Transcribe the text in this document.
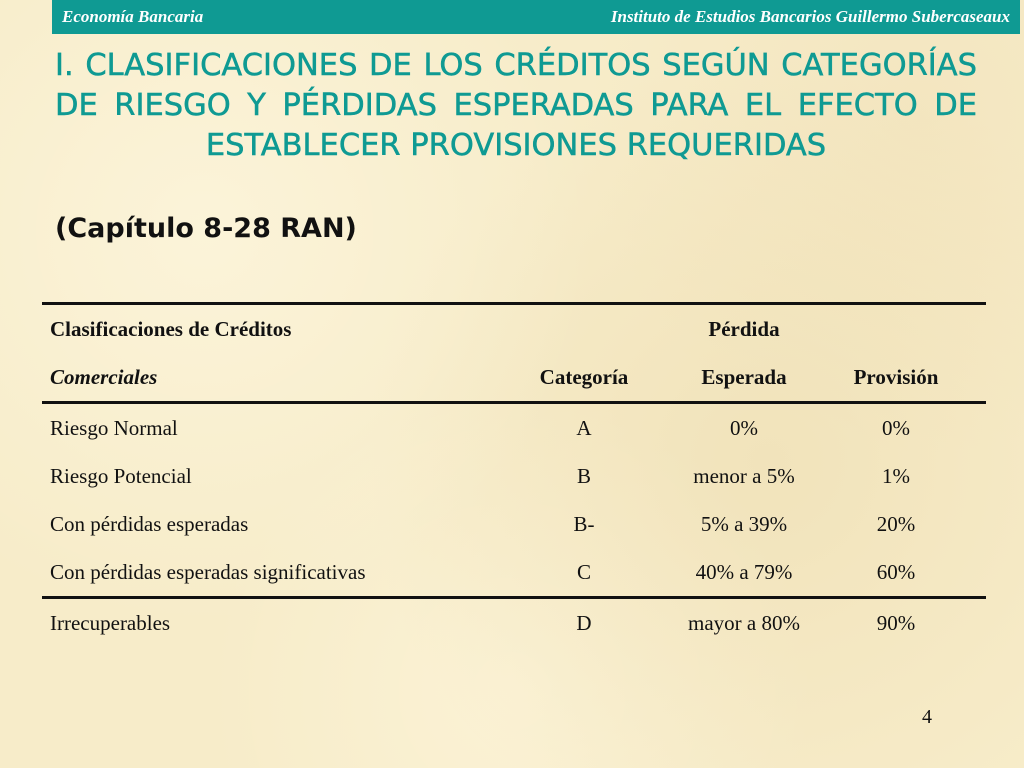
Economía Bancaria	Instituto de Estudios Bancarios Guillermo Subercaseaux
I. CLASIFICACIONES DE LOS CRÉDITOS SEGÚN CATEGORÍAS DE RIESGO Y PÉRDIDAS ESPERADAS PARA EL EFECTO DE ESTABLECER PROVISIONES REQUERIDAS
(Capítulo 8-28 RAN)
Clasificaciones de Créditos	Pérdida
Comerciales	Categoría	Esperada	Provisión
Riesgo Normal	A	0%	0%
Riesgo Potencial	B	menor a 5%	1%
Con pérdidas esperadas	B-	5% a 39%	20%
Con pérdidas esperadas significativas	C	40% a 79%	60%
Irrecuperables	D	mayor a 80%	90%
4
